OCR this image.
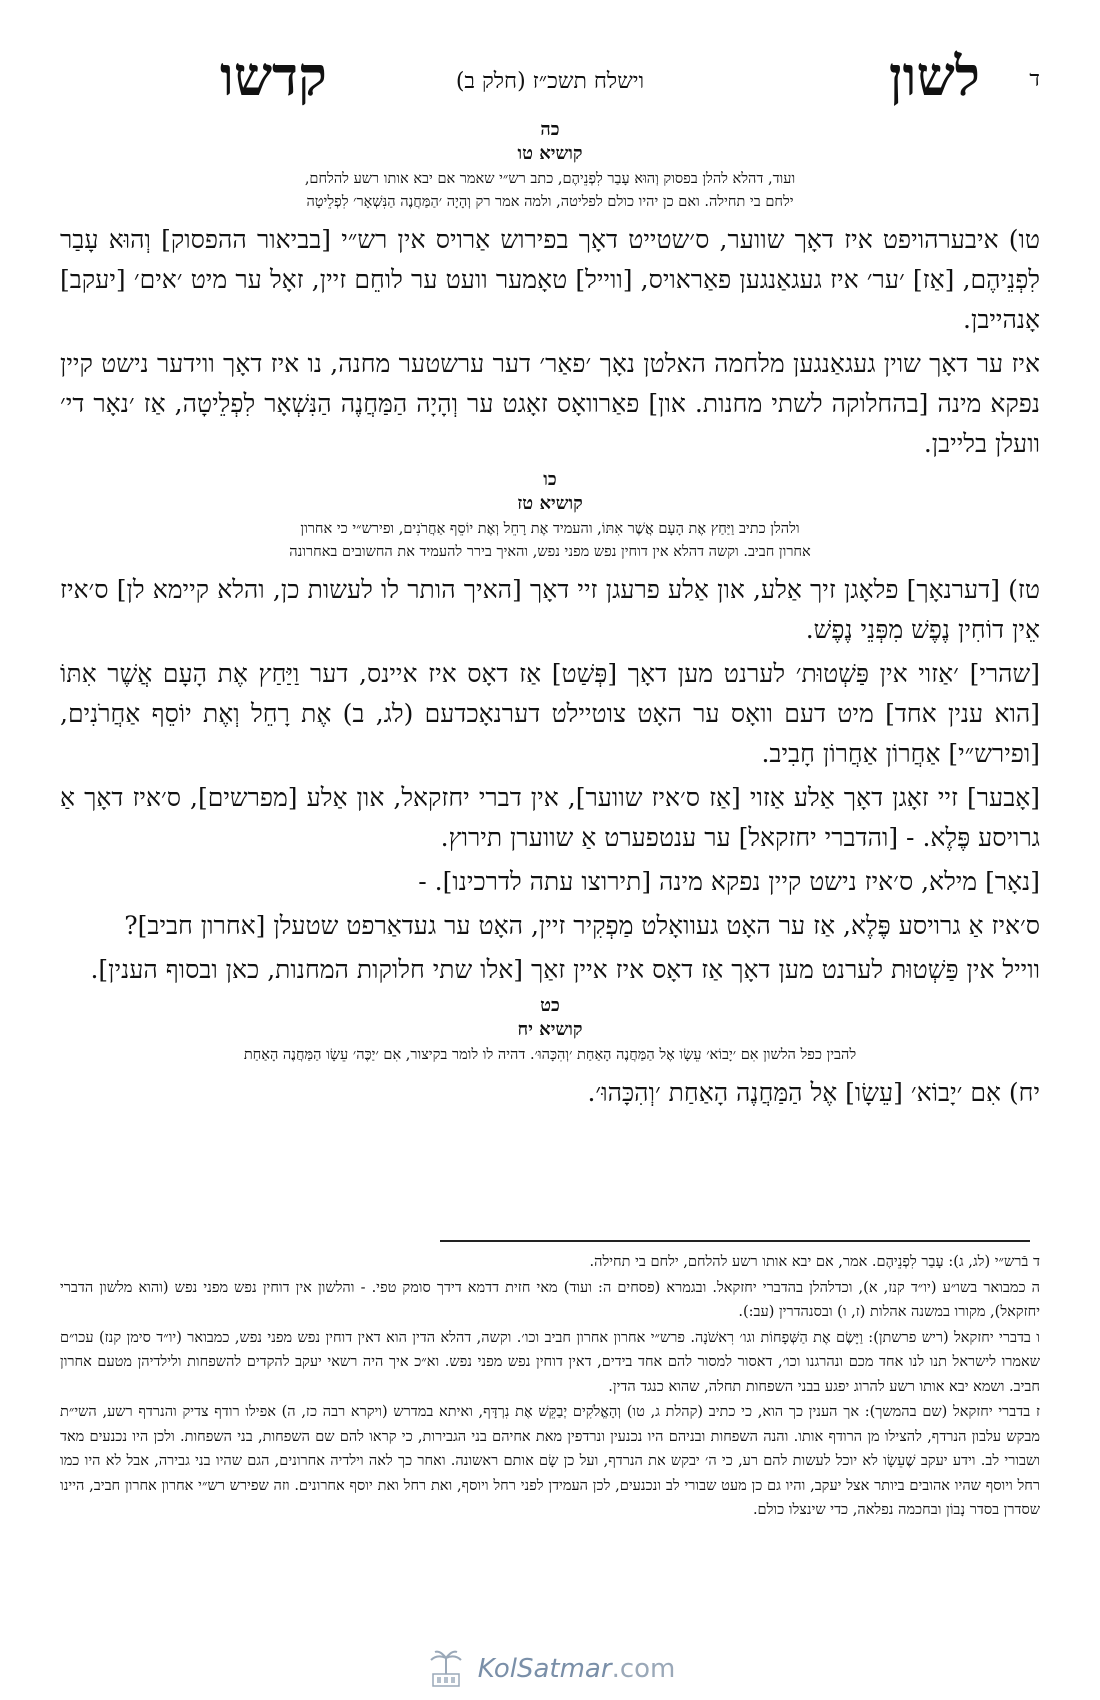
ד
לשון
וישלח תשכ״ז (חלק ב)
קדשו

כה

קושיא טו

ועוד, דהלא להלן בפסוק וְהוּא עָבַר לִפְנֵיהֶם, כתב רש״י שאמר אם יבא אותו רשע להלחם,
ילחם בי תחילה. ואם כן יהיו כולם לפליטה, ולמה אמר רק וְהָיָה ׳הַמַּחֲנֶה הַנִּשְׁאָר׳ לִפְלֵיטָה

טו) איבערהויפט איז דאָך שווער, ס׳שטייט דאָך בפירוש אַרויס אין רש״י [בביאור ההפסוק] וְהוּא עָבַר לִפְנֵיהֶם, [אַז] ׳ער׳ איז געגאַנגען פאַראויס, [ווייל] טאָמער וועט ער לוחֵם זיין, זאָל ער מיט ׳אים׳ [יעקב] אָנהייבן.

איז ער דאָך שוין געגאַנגען מלחמה האלטן נאָך ׳פאַר׳ דער ערשטער מחנה, נו איז דאָך ווידער נישט קיין נפקא מינה [בהחלוקה לשתי מחנות. און] פאַרוואָס זאָגט ער וְהָיָה הַמַּחֲנֶה הַנִּשְׁאָר לִפְלֵיטָה, אַז ׳נאָר די׳ וועלן בלייבן.

כו

קושיא טז

ולהלן כתיב וַיַּחַץ אֶת הָעָם אֲשֶׁר אִתּוֹ, והעמיד אֶת רָחֵל וְאֶת יוֹסֵף אַחֲרֹנִים, ופירש״י כי אחרון
אחרון חביב. וקשה דהלא אין דוחין נפש מפני נפש, והאיך בירר להעמיד את החשובים באחרונה

טז) [דערנאָך] פלאָגן זיך אַלע, און אַלע פרעגן זיי דאָך [האיך הותר לו לעשות כן, והלא קיימא לן] ס׳איז אֵין דוֹחִין נֶפֶשׁ מִפְּנֵי נֶפֶשׁ.

[שהרי] ׳אַזוי אין פַּשְׁטוּת׳ לערנט מען דאָך [פְּשַׁט] אַז דאָס איז איינס, דער וַיַּחַץ אֶת הָעָם אֲשֶׁר אִתּוֹ [הוא ענין אחד] מיט דעם וואָס ער האָט צוטיילט דערנאָכדעם (לג, ב) אֶת רָחֵל וְאֶת יוֹסֵף אַחֲרֹנִים, [ופירש״י] אַחֲרוֹן אַחֲרוֹן חָבִיב.

[אָבער] זיי זאָגן דאָך אַלע אַזוי [אַז ס׳איז שווער], אין דברי יחזקאל, און אַלע [מפרשים], ס׳איז דאָך אַ גרויסע פֶּלֶא. - [והדברי יחזקאל] ער ענטפערט אַ שווערן תירוץ.

[נאָר] מילא, ס׳איז נישט קיין נפקא מינה [תירוצו עתה לדרכינו]. -

ס׳איז אַ גרויסע פֶּלֶא, אַז ער האָט געוואָלט מַפְקִיר זיין, האָט ער געדאַרפט שטעלן [אחרון חביב]?

ווייל אין פַּשְׁטוּת לערנט מען דאָך אַז דאָס איז איין זאַך [אלו שתי חלוקות המחנות, כאן ובסוף הענין].

כט

קושיא יח

להבין כפל הלשון אִם ׳יָבוֹא׳ עֵשָׂו אֶל הַמַּחֲנֶה הָאַחַת ׳וְהִכָּהוּ׳. דהיה לו לומר בקיצור, אִם ׳יַכֶּה׳ עֵשָׂו הַמַּחֲנֶה הָאַחַת

יח) אִם ׳יָבוֹא׳ [עֵשָׂו] אֶל הַמַּחֲנֶה הָאַחַת ׳וְהִכָּהוּ׳.

ד בֿרש״י (לג, ג): עָבַר לִפְנֵיהֶם. אמר, אם יבא אותו רשע להלחם, ילחם בי תחילה.

ה כמבואר בשו״ע (יו״ד קנז, א), וכדלהלן בהדברי יחזקאל. ובגמרא (פסחים ה: ועוד) מאי חזית דדמא דידך סומק טפי. - והלשון אין דוחין נפש מפני נפש (והוא מלשון הדברי יחזקאל), מקורו במשנה אהלות (ז, ו) ובסנהדרין (עב:).

ו בדברי יחזקאל (ריש פרשתן): וַיָּשֶׂם אֶת הַשְּׁפָחוֹת וגו׳ רִאשֹׁנָה. פרש״י אחרון אחרון חביב וכו׳. וקשה, דהלא הדין הוא דאין דוחין נפש מפני נפש, כמבואר (יו״ד סימן קנז) עכו״ם שאמרו לישראל תנו לנו אחד מכם ונהרגנו וכו׳, דאסור למסור להם אחד בידים, דאין דוחין נפש מפני נפש. וא״כ איך היה רשאי יעקב להקדים להשפחות ולילדיהן מטעם אחרון חביב. ושמא יבא אותו רשע להרוג יפגע בבני השפחות תחלה, שהוא כנגד הדין.

ז בדברי יחזקאל (שם בהמשך): אך הענין כך הוא, כי כתיב (קהלת ג, טו) וְהָאֱלֹקִים יְבַקֵּשׁ אֶת נִרְדָּף, ואיתא במדרש (ויקרא רבה כז, ה) אפילו רודף צדיק והנרדף רשע, השי״ת מבקש עלבון הנרדף, להצילו מן הרודף אותו. והנה השפחות ובניהם היו נכנעין ונרדפין מאת אחיהם בני הגבירות, כי קראו להם שם השפחות, בני השפחות. ולכן היו נכנעים מאד ושבורי לב. וידע יעקב שֶׁעֵשָׂו לא יוכל לעשות להם רע, כי ה׳ יבקש את הנרדף, ועל כן שָׂם אותם ראשונה. ואחר כך לאה וילדיה אחרונים, הגם שהיו בני גבירה, אבל לא היו כמו רחל ויוסף שהיו אהובים ביותר אצל יעקב, והיו גם כן מעט שבורי לב ונכנעים, לכן העמידן לפני רחל ויוסף, ואת רחל ואת יוסף אחרונים. וזה שפירש רש״י אחרון אחרון חביב, היינו שסדרן בסדר נָבוֹן ובחכמה נפלאה, כדי שינצלו כולם.

KolSatmar.com
